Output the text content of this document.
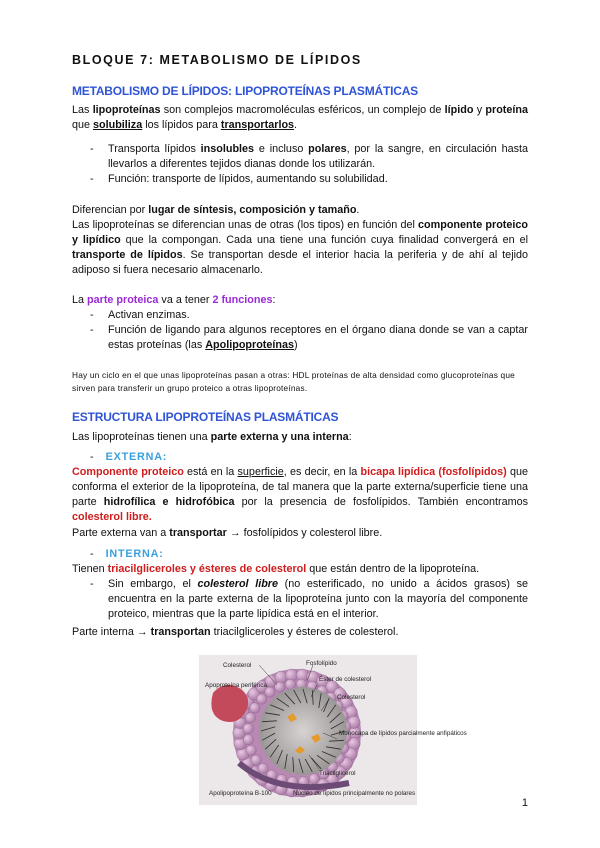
BLOQUE 7: METABOLISMO DE LÍPIDOS
METABOLISMO DE LÍPIDOS: LIPOPROTEÍNAS PLASMÁTICAS
Las lipoproteínas son complejos macromoléculas esféricos, un complejo de lípido y proteína que solubiliza los lípidos para transportarlos.
- Transporta lípidos insolubles e incluso polares, por la sangre, en circulación hasta llevarlos a diferentes tejidos dianas donde los utilizarán.
- Función: transporte de lípidos, aumentando su solubilidad.
Diferencian por lugar de síntesis, composición y tamaño.
Las lipoproteínas se diferencian unas de otras (los tipos) en función del componente proteico y lipídico que la compongan. Cada una tiene una función cuya finalidad convergerá en el transporte de lípidos. Se transportan desde el interior hacia la periferia y de ahí al tejido adiposo si fuera necesario almacenarlo.
La parte proteica va a tener 2 funciones:
- Activan enzimas.
- Función de ligando para algunos receptores en el órgano diana donde se van a captar estas proteínas (las Apolipoproteínas)
Hay un ciclo en el que unas lipoproteínas pasan a otras: HDL proteínas de alta densidad como glucoproteínas que sirven para transferir un grupo proteico a otras lipoproteínas.
ESTRUCTURA LIPOPROTEÍNAS PLASMÁTICAS
Las lipoproteínas tienen una parte externa y una interna:
-    EXTERNA:
Componente proteico está en la superficie, es decir, en la bicapa lipídica (fosfolípidos) que conforma el exterior de la lipoproteína, de tal manera que la parte externa/superficie tiene una parte hidrofílica e hidrofóbica por la presencia de fosfolípidos. También encontramos colesterol libre.
Parte externa van a transportar → fosfolípidos y colesterol libre.
-    INTERNA:
Tienen triacilgliceroles y ésteres de colesterol que están dentro de la lipoproteína.
- Sin embargo, el colesterol libre (no esterificado, no unido a ácidos grasos) se encuentra en la parte externa de la lipoproteína junto con la mayoría del componente proteico, mientras que la parte lipídica está en el interior.
Parte interna → transportan triacilgliceroles y ésteres de colesterol.
Colesterol	Fosfolípido
Apoproteína periférica
Éster de colesterol
Colesterol
Monocapa de lípidos parcialmente anfipáticos
Triacilglicerol
Apolipoproteína B-100	Núcleo de lípidos principalmente no polares
1
